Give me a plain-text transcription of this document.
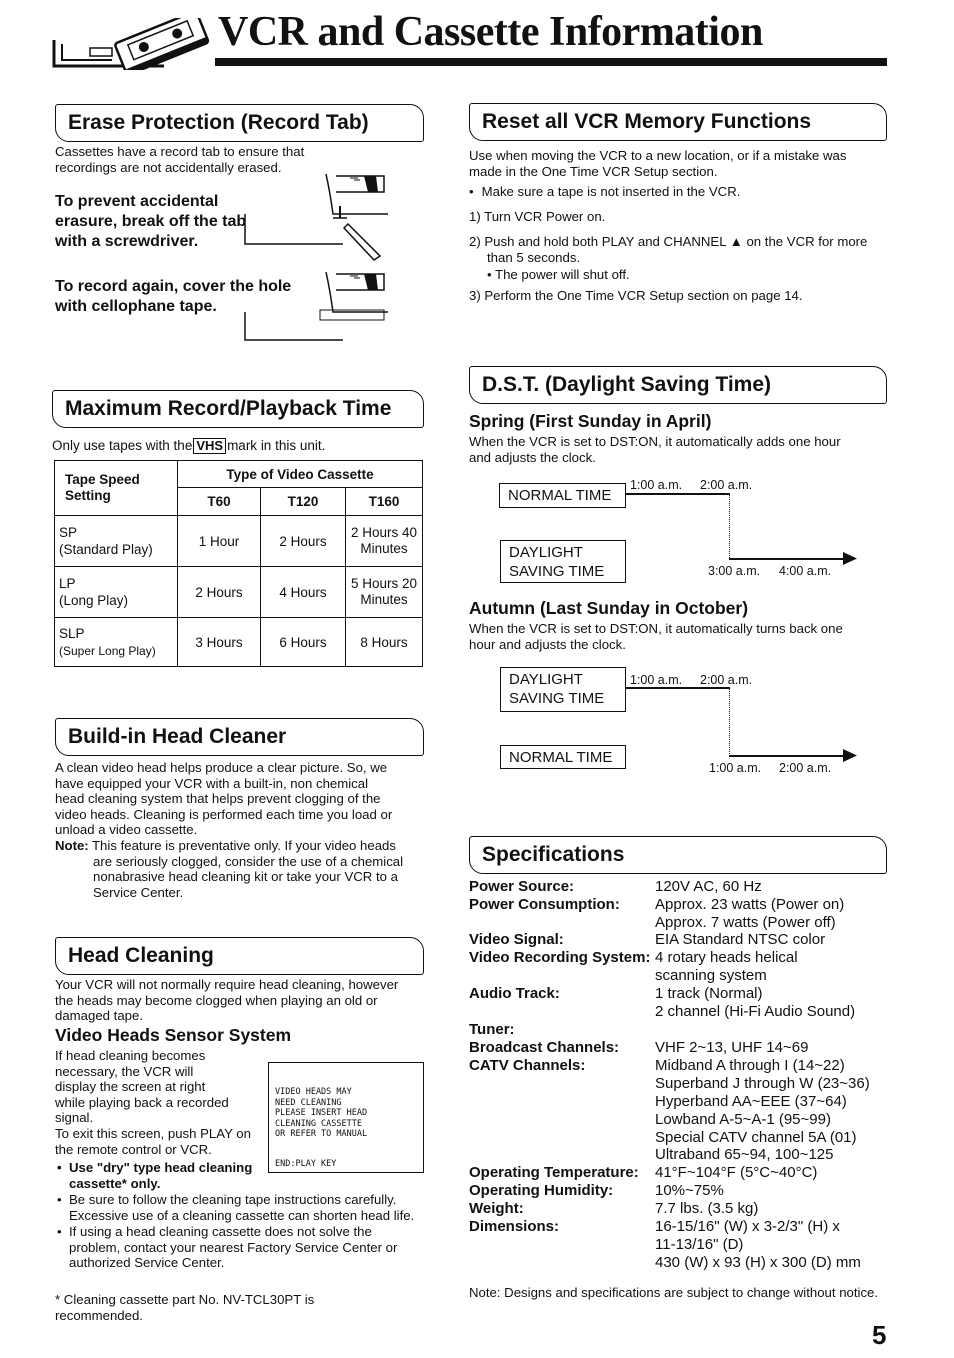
VCR and Cassette Information
Erase Protection (Record Tab)
Cassettes have a record tab to ensure that recordings are not accidentally erased.
To prevent accidental erasure, break off the tab with a screwdriver.
To record again, cover the hole with cellophane tape.
Maximum Record/Playback Time
Only use tapes with the VHS mark in this unit.
Tape Speed Setting	Type of Video Cassette		
	T60	T120	T160
SP
(Standard Play)	1 Hour	2 Hours	2 Hours 40 Minutes
LP
(Long Play)	2 Hours	4 Hours	5 Hours 20 Minutes
SLP
(Super Long Play)	3 Hours	6 Hours	8 Hours
Build-in Head Cleaner
A clean video head helps produce a clear picture. So, we have equipped your VCR with a built-in, non chemical head cleaning system that helps prevent clogging of the video heads. Cleaning is performed each time you load or unload a video cassette.
Note: This feature is preventative only. If your video heads are seriously clogged, consider the use of a chemical nonabrasive head cleaning kit or take your VCR to a Service Center.
Head Cleaning
Your VCR will not normally require head cleaning, however the heads may become clogged when playing an old or damaged tape.
Video Heads Sensor System
If head cleaning becomes necessary, the VCR will display the screen at right while playing back a recorded signal.
To exit this screen, push PLAY on the remote control or VCR.
VIDEO HEADS MAY
NEED CLEANING
PLEASE INSERT HEAD
CLEANING CASSETTE
OR REFER TO MANUAL
END:PLAY KEY
• Use "dry" type head cleaning cassette* only.
• Be sure to follow the cleaning tape instructions carefully. Excessive use of a cleaning cassette can shorten head life.
• If using a head cleaning cassette does not solve the problem, contact your nearest Factory Service Center or authorized Service Center.
* Cleaning cassette part No. NV-TCL30PT is recommended.
Reset all VCR Memory Functions
Use when moving the VCR to a new location, or if a mistake was made in the One Time VCR Setup section.
• Make sure a tape is not inserted in the VCR.
1) Turn VCR Power on.
2) Push and hold both PLAY and CHANNEL ▲ on the VCR for more than 5 seconds.
• The power will shut off.
3) Perform the One Time VCR Setup section on page 14.
D.S.T. (Daylight Saving Time)
Spring (First Sunday in April)
When the VCR is set to DST:ON, it automatically adds one hour and adjusts the clock.
NORMAL TIME
1:00 a.m. 2:00 a.m.
DAYLIGHT
SAVING TIME	3:00 a.m. 4:00 a.m.
Autumn (Last Sunday in October)
When the VCR is set to DST:ON, it automatically turns back one hour and adjusts the clock.
DAYLIGHT
SAVING TIME
1:00 a.m. 2:00 a.m.
NORMAL TIME
1:00 a.m. 2:00 a.m.
Specifications
Power Source:	120V AC, 60 Hz
Power Consumption: Approx. 23 watts (Power on)
Approx. 7 watts (Power off)
Video Signal:	EIA Standard NTSC color
Video Recording System: 4 rotary heads helical
scanning system
Audio Track:	1 track (Normal)
2 channel (Hi-Fi Audio Sound)
Tuner:
Broadcast Channels: VHF 2~13, UHF 14~69
CATV Channels:	Midband A through I (14~22)
Superband J through W (23~36)
Hyperband AA~EEE (37~64)
Lowband A-5~A-1 (95~99)
Special CATV channel 5A (01)
Ultraband 65~94, 100~125
Operating Temperature: 41°F~104°F (5°C~40°C)
Operating Humidity:	10%~75%
Weight:	7.7 lbs. (3.5 kg)
Dimensions:	16-15/16" (W) x 3-2/3" (H) x
11-13/16" (D)
430 (W) x 93 (H) x 300 (D) mm
Note: Designs and specifications are subject to change without notice.
5
